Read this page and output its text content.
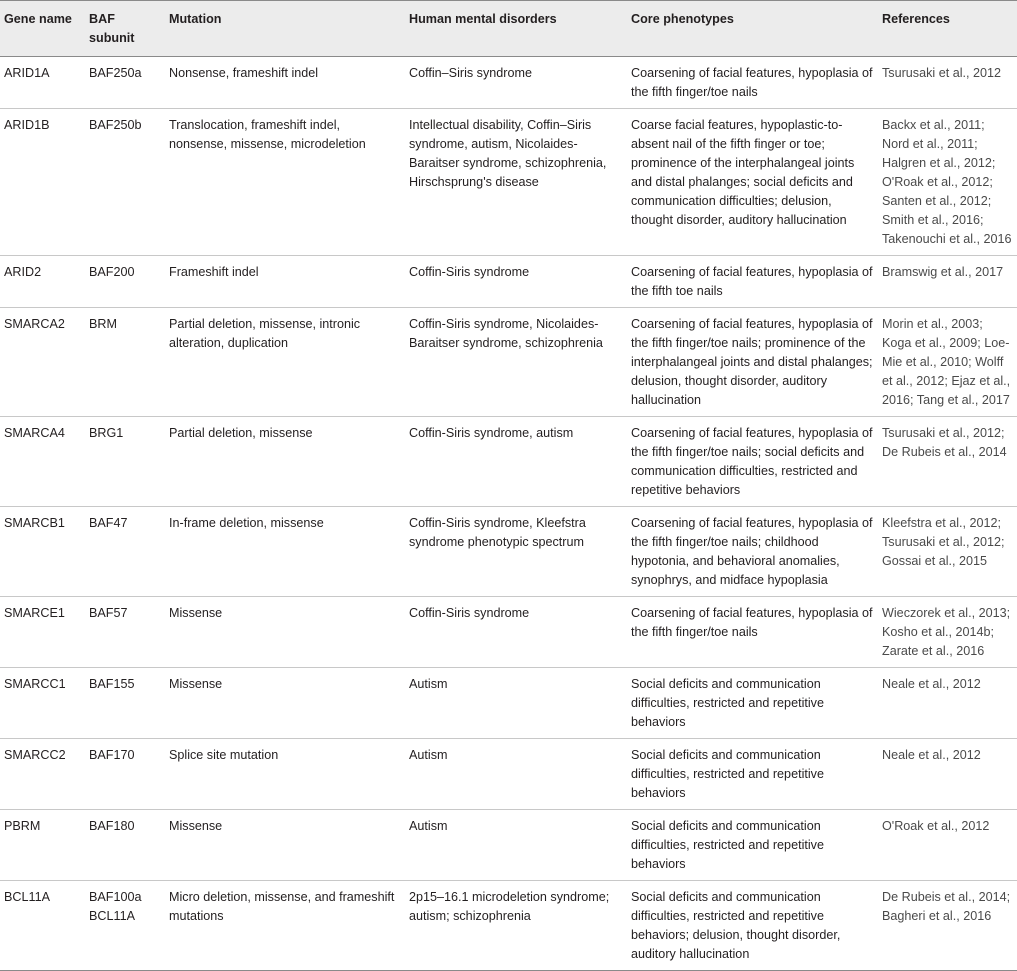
Gene name	BAF subunit	Mutation	Human mental disorders	Core phenotypes	References
ARID1A	BAF250a	Nonsense, frameshift indel	Coffin–Siris syndrome	Coarsening of facial features, hypoplasia of the fifth finger/toe nails	Tsurusaki et al., 2012
ARID1B	BAF250b	Translocation, frameshift indel, nonsense, missense, microdeletion	Intellectual disability, Coffin–Siris syndrome, autism, Nicolaides-Baraitser syndrome, schizophrenia, Hirschsprung's disease	Coarse facial features, hypoplastic-to-absent nail of the fifth finger or toe; prominence of the interphalangeal joints and distal phalanges; social deficits and communication difficulties; delusion, thought disorder, auditory hallucination	Backx et al., 2011; Nord et al., 2011; Halgren et al., 2012; O'Roak et al., 2012; Santen et al., 2012; Smith et al., 2016; Takenouchi et al., 2016
ARID2	BAF200	Frameshift indel	Coffin-Siris syndrome	Coarsening of facial features, hypoplasia of the fifth toe nails	Bramswig et al., 2017
SMARCA2	BRM	Partial deletion, missense, intronic alteration, duplication	Coffin-Siris syndrome, Nicolaides-Baraitser syndrome, schizophrenia	Coarsening of facial features, hypoplasia of the fifth finger/toe nails; prominence of the interphalangeal joints and distal phalanges; delusion, thought disorder, auditory hallucination	Morin et al., 2003; Koga et al., 2009; Loe-Mie et al., 2010; Wolff et al., 2012; Ejaz et al., 2016; Tang et al., 2017
SMARCA4	BRG1	Partial deletion, missense	Coffin-Siris syndrome, autism	Coarsening of facial features, hypoplasia of the fifth finger/toe nails; social deficits and communication difficulties, restricted and repetitive behaviors	Tsurusaki et al., 2012; De Rubeis et al., 2014
SMARCB1	BAF47	In-frame deletion, missense	Coffin-Siris syndrome, Kleefstra syndrome phenotypic spectrum	Coarsening of facial features, hypoplasia of the fifth finger/toe nails; childhood hypotonia, and behavioral anomalies, synophrys, and midface hypoplasia	Kleefstra et al., 2012; Tsurusaki et al., 2012; Gossai et al., 2015
SMARCE1	BAF57	Missense	Coffin-Siris syndrome	Coarsening of facial features, hypoplasia of the fifth finger/toe nails	Wieczorek et al., 2013; Kosho et al., 2014b; Zarate et al., 2016
SMARCC1	BAF155	Missense	Autism	Social deficits and communication difficulties, restricted and repetitive behaviors	Neale et al., 2012
SMARCC2	BAF170	Splice site mutation	Autism	Social deficits and communication difficulties, restricted and repetitive behaviors	Neale et al., 2012
PBRM	BAF180	Missense	Autism	Social deficits and communication difficulties, restricted and repetitive behaviors	O'Roak et al., 2012
BCL11A	BAF100a BCL11A	Micro deletion, missense, and frameshift mutations	2p15–16.1 microdeletion syndrome; autism; schizophrenia	Social deficits and communication difficulties, restricted and repetitive behaviors; delusion, thought disorder, auditory hallucination	De Rubeis et al., 2014; Bagheri et al., 2016
